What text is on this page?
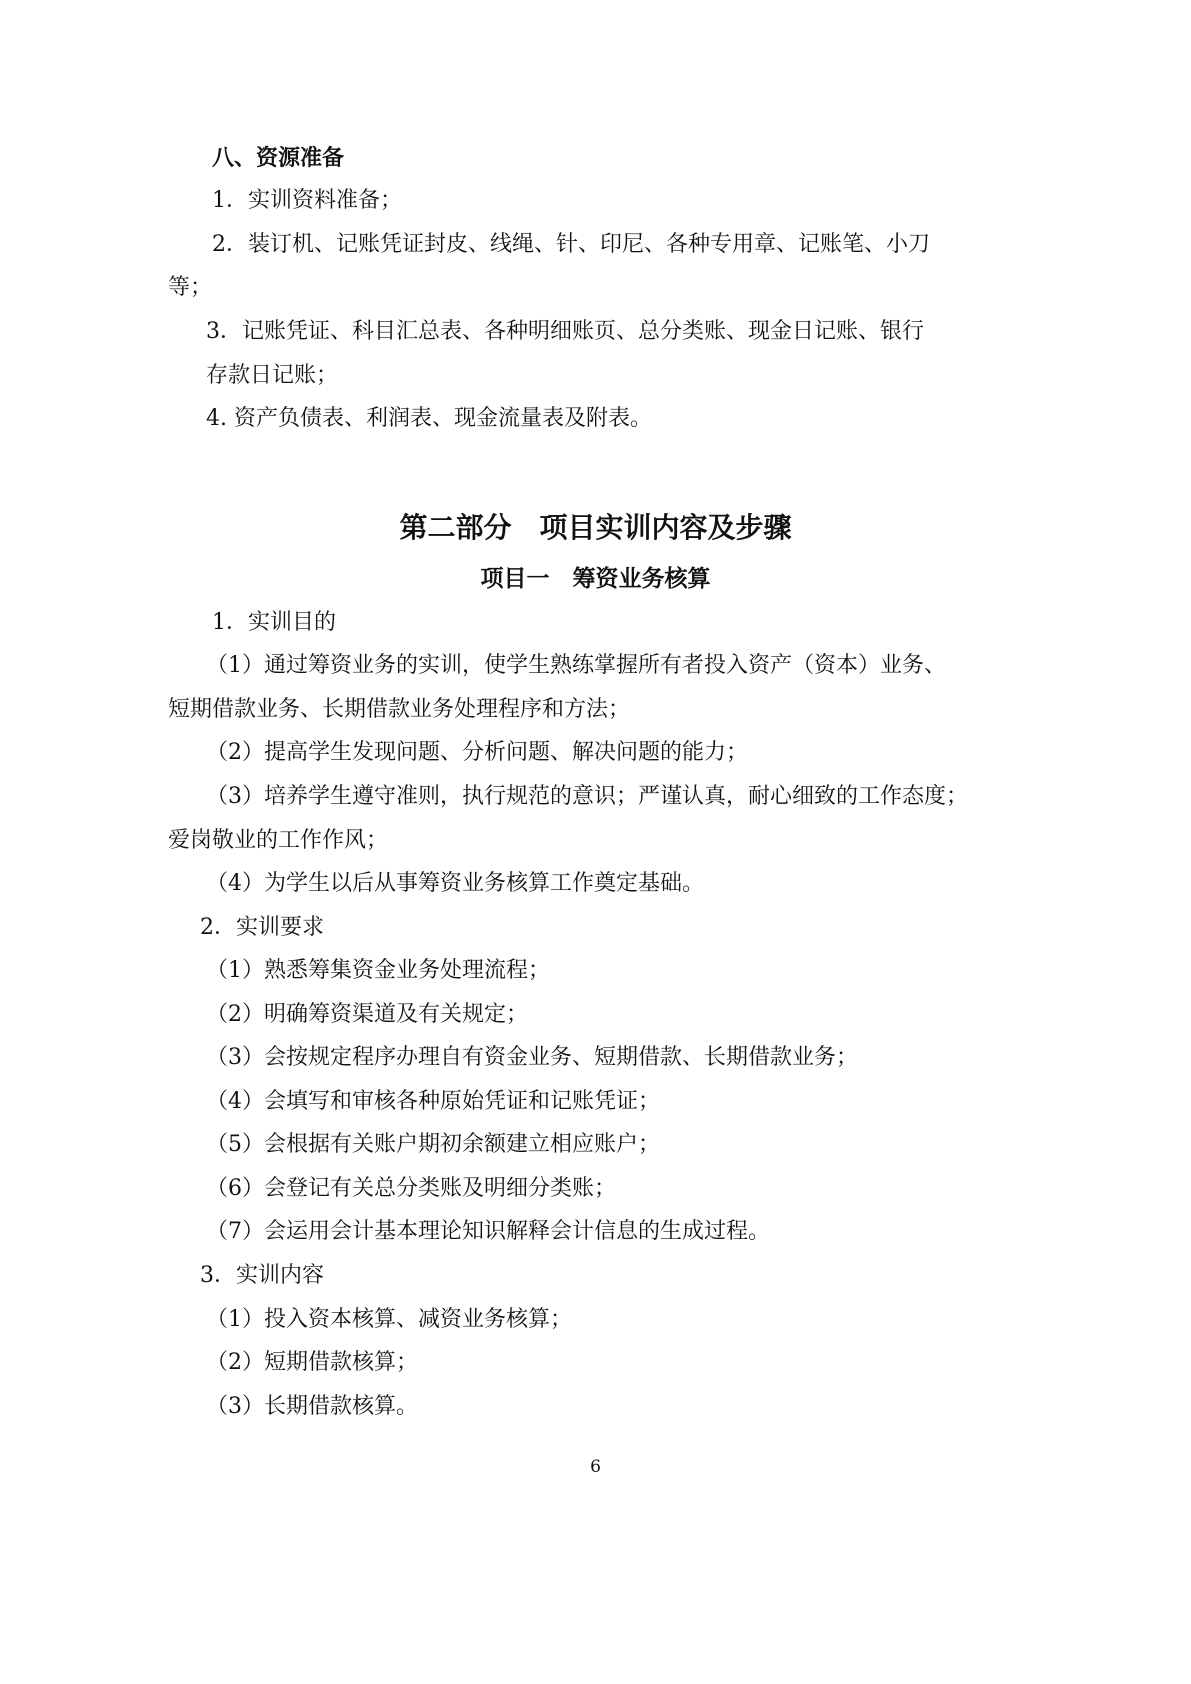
八、资源准备
1．实训资料准备；
2．装订机、记账凭证封皮、线绳、针、印尼、各种专用章、记账笔、小刀
等；
3．记账凭证、科目汇总表、各种明细账页、总分类账、现金日记账、银行
存款日记账；
4. 资产负债表、利润表、现金流量表及附表。
第二部分　项目实训内容及步骤
项目一　筹资业务核算
1．实训目的
（1）通过筹资业务的实训，使学生熟练掌握所有者投入资产（资本）业务、
短期借款业务、长期借款业务处理程序和方法；
（2）提高学生发现问题、分析问题、解决问题的能力；
（3）培养学生遵守准则，执行规范的意识；严谨认真，耐心细致的工作态度；
爱岗敬业的工作作风；
（4）为学生以后从事筹资业务核算工作奠定基础。
2．实训要求
（1）熟悉筹集资金业务处理流程；
（2）明确筹资渠道及有关规定；
（3）会按规定程序办理自有资金业务、短期借款、长期借款业务；
（4）会填写和审核各种原始凭证和记账凭证；
（5）会根据有关账户期初余额建立相应账户；
（6）会登记有关总分类账及明细分类账；
（7）会运用会计基本理论知识解释会计信息的生成过程。
3．实训内容
（1）投入资本核算、减资业务核算；
（2）短期借款核算；
（3）长期借款核算。
6
